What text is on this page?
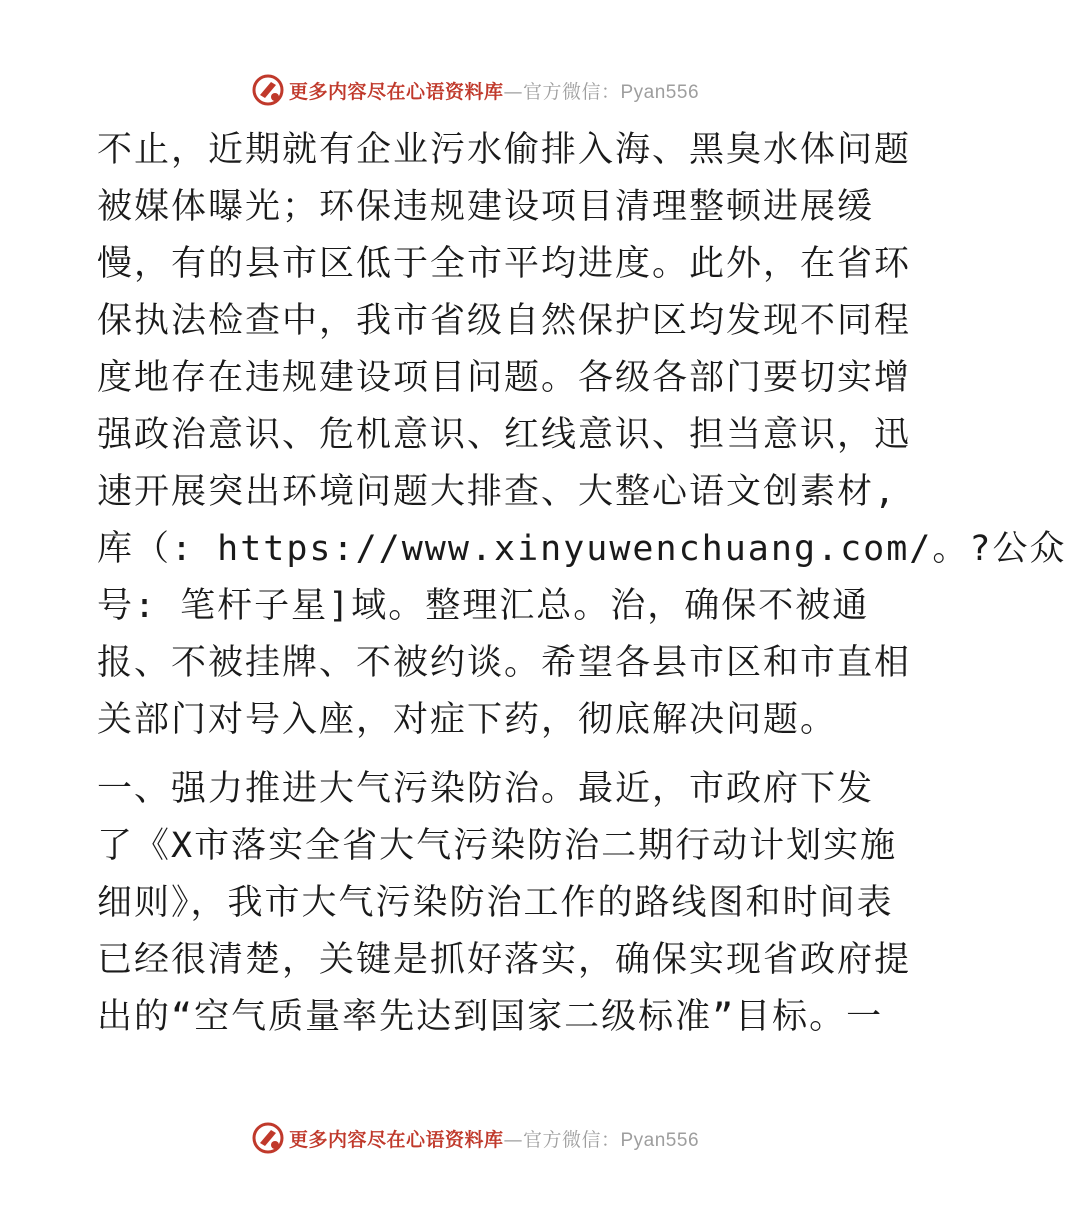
更多内容尽在心语资料库—官方微信：Pyan556
不止，近期就有企业污水偷排入海、黑臭水体问题
被媒体曝光；环保违规建设项目清理整顿进展缓
慢，有的县市区低于全市平均进度。此外，在省环
保执法检查中，我市省级自然保护区均发现不同程
度地存在违规建设项目问题。各级各部门要切实增
强政治意识、危机意识、红线意识、担当意识，迅
速开展突出环境问题大排查、大整心语文创素材,
库（: https://www.xinyuwenchuang.com/。?公众
号: 笔杆子星]域。整理汇总。治，确保不被通
报、不被挂牌、不被约谈。希望各县市区和市直相
关部门对号入座，对症下药，彻底解决问题。
一、强力推进大气污染防治。最近，市政府下发
了《X市落实全省大气污染防治二期行动计划实施
细则》，我市大气污染防治工作的路线图和时间表
已经很清楚，关键是抓好落实，确保实现省政府提
出的“空气质量率先达到国家二级标准”目标。一
更多内容尽在心语资料库—官方微信：Pyan556
